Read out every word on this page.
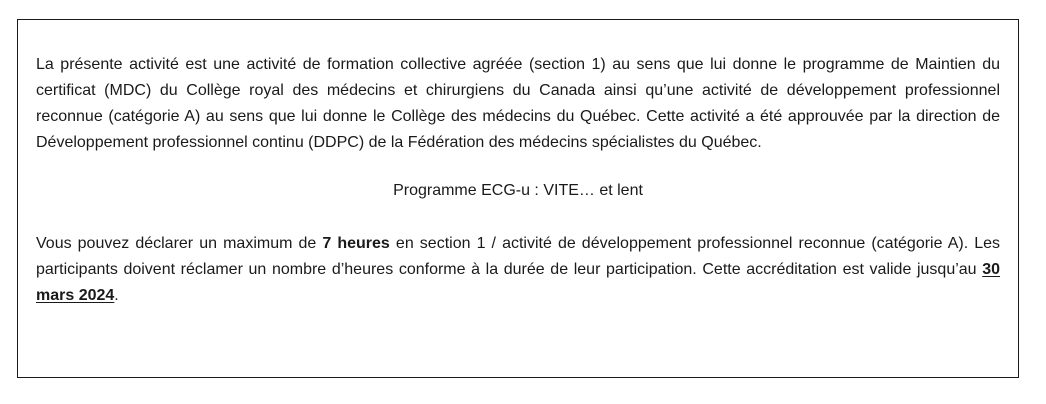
La présente activité est une activité de formation collective agréée (section 1) au sens que lui donne le programme de Maintien du certificat (MDC) du Collège royal des médecins et chirurgiens du Canada ainsi qu’une activité de développement professionnel reconnue (catégorie A) au sens que lui donne le Collège des médecins du Québec. Cette activité a été approuvée par la direction de Développement professionnel continu (DDPC) de la Fédération des médecins spécialistes du Québec.

Programme ECG-u : VITE… et lent

Vous pouvez déclarer un maximum de 7 heures en section 1 / activité de développement professionnel reconnue (catégorie A). Les participants doivent réclamer un nombre d’heures conforme à la durée de leur participation. Cette accréditation est valide jusqu’au 30 mars 2024.
